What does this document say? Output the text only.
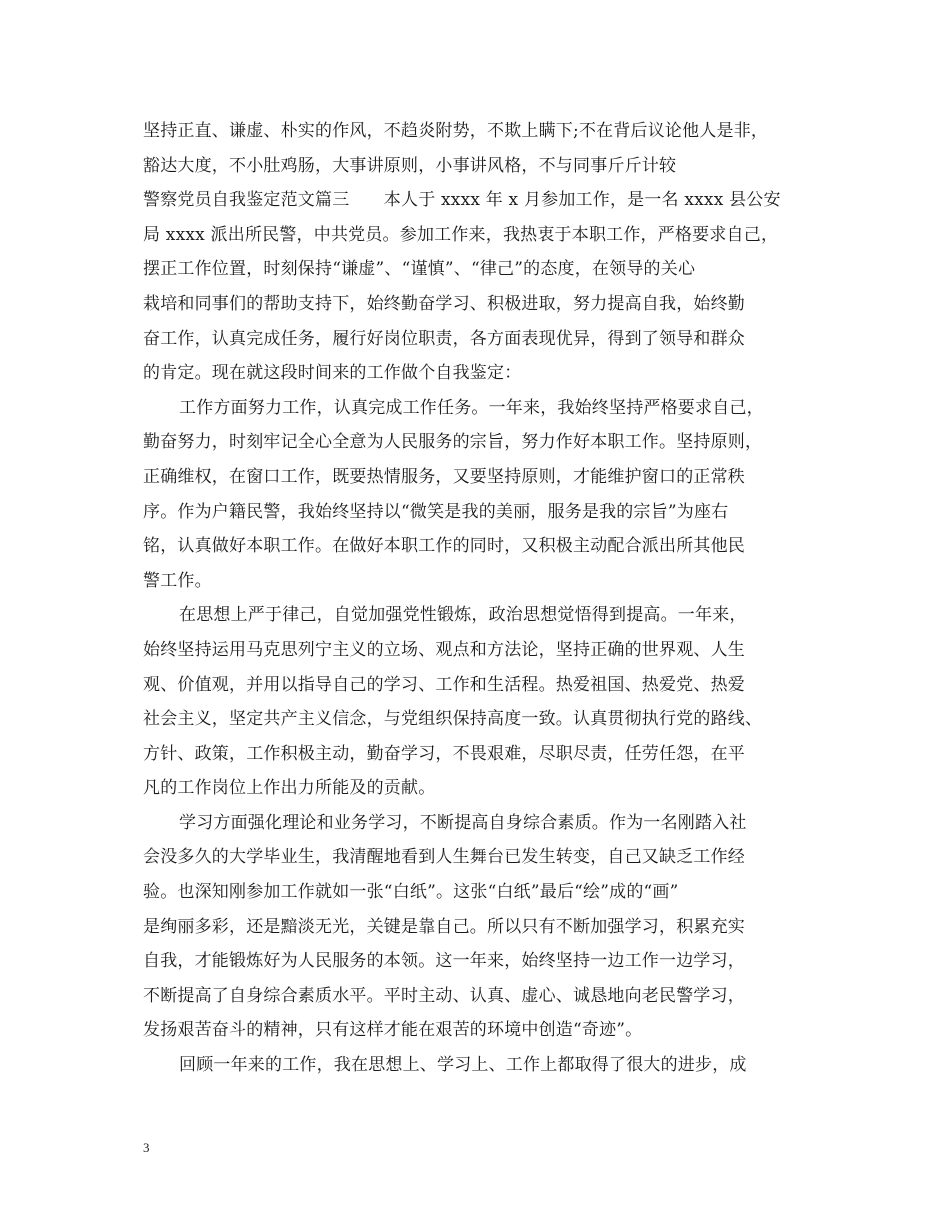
坚持正直、谦虚、朴实的作风，不趋炎附势，不欺上瞒下;不在背后议论他人是非，
豁达大度，不小肚鸡肠，大事讲原则，小事讲风格，不与同事斤斤计较
警察党员自我鉴定范文篇三　　本人于 xxxx 年 x 月参加工作，是一名 xxxx 县公安
局 xxxx 派出所民警，中共党员。参加工作来，我热衷于本职工作，严格要求自己，
摆正工作位置，时刻保持“谦虚”、“谨慎”、“律己”的态度，在领导的关心
栽培和同事们的帮助支持下，始终勤奋学习、积极进取，努力提高自我，始终勤
奋工作，认真完成任务，履行好岗位职责，各方面表现优异，得到了领导和群众
的肯定。现在就这段时间来的工作做个自我鉴定：
工作方面努力工作，认真完成工作任务。一年来，我始终坚持严格要求自己，
勤奋努力，时刻牢记全心全意为人民服务的宗旨，努力作好本职工作。坚持原则，
正确维权，在窗口工作，既要热情服务，又要坚持原则，才能维护窗口的正常秩
序。作为户籍民警，我始终坚持以“微笑是我的美丽，服务是我的宗旨”为座右
铭，认真做好本职工作。在做好本职工作的同时，又积极主动配合派出所其他民
警工作。
在思想上严于律己，自觉加强党性锻炼，政治思想觉悟得到提高。一年来，
始终坚持运用马克思列宁主义的立场、观点和方法论，坚持正确的世界观、人生
观、价值观，并用以指导自己的学习、工作和生活程。热爱祖国、热爱党、热爱
社会主义，坚定共产主义信念，与党组织保持高度一致。认真贯彻执行党的路线、
方针、政策，工作积极主动，勤奋学习，不畏艰难，尽职尽责，任劳任怨，在平
凡的工作岗位上作出力所能及的贡献。
学习方面强化理论和业务学习，不断提高自身综合素质。作为一名刚踏入社
会没多久的大学毕业生，我清醒地看到人生舞台已发生转变，自己又缺乏工作经
验。也深知刚参加工作就如一张“白纸”。这张“白纸”最后“绘”成的“画”
是绚丽多彩，还是黯淡无光，关键是靠自己。所以只有不断加强学习，积累充实
自我，才能锻炼好为人民服务的本领。这一年来，始终坚持一边工作一边学习，
不断提高了自身综合素质水平。平时主动、认真、虚心、诚恳地向老民警学习，
发扬艰苦奋斗的精神，只有这样才能在艰苦的环境中创造“奇迹”。
回顾一年来的工作，我在思想上、学习上、工作上都取得了很大的进步，成
3
